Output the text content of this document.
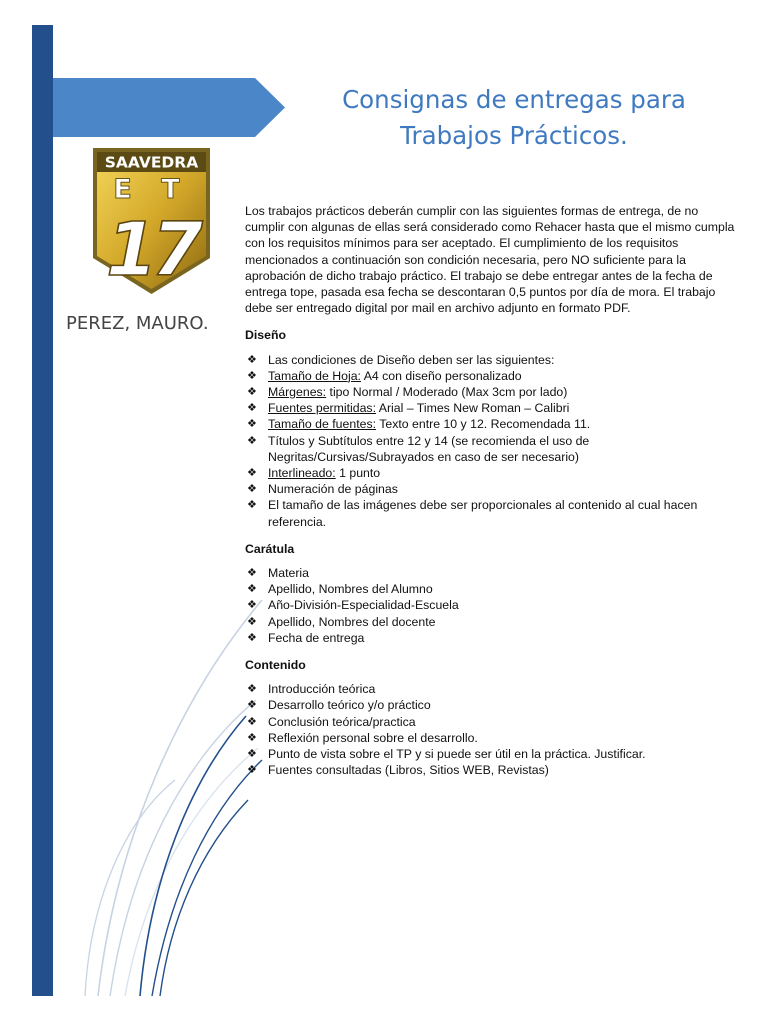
Consignas de entregas para
Trabajos Prácticos.
SAAVEDRA
E T
17
PEREZ, MAURO.

Los trabajos prácticos deberán cumplir con las siguientes formas de entrega, de no cumplir con algunas de ellas será considerado como Rehacer hasta que el mismo cumpla con los requisitos mínimos para ser aceptado. El cumplimiento de los requisitos mencionados a continuación son condición necesaria, pero NO suficiente para la aprobación de dicho trabajo práctico. El trabajo se debe entregar antes de la fecha de entrega tope, pasada esa fecha se descontaran 0,5 puntos por día de mora. El trabajo debe ser entregado digital por mail en archivo adjunto en formato PDF.

Diseño
❖ Las condiciones de Diseño deben ser las siguientes:
❖ Tamaño de Hoja: A4 con diseño personalizado
❖ Márgenes: tipo Normal / Moderado (Max 3cm por lado)
❖ Fuentes permitidas: Arial – Times New Roman – Calibri
❖ Tamaño de fuentes: Texto entre 10 y 12. Recomendada 11.
❖ Títulos y Subtítulos entre 12 y 14 (se recomienda el uso de Negritas/Cursivas/Subrayados en caso de ser necesario)
❖ Interlineado: 1 punto
❖ Numeración de páginas
❖ El tamaño de las imágenes debe ser proporcionales al contenido al cual hacen referencia.
Carátula
❖ Materia
❖ Apellido, Nombres del Alumno
❖ Año-División-Especialidad-Escuela
❖ Apellido, Nombres del docente
❖ Fecha de entrega
Contenido
❖ Introducción teórica
❖ Desarrollo teórico y/o práctico
❖ Conclusión teórica/practica
❖ Reflexión personal sobre el desarrollo.
❖ Punto de vista sobre el TP y si puede ser útil en la práctica. Justificar.
❖ Fuentes consultadas (Libros, Sitios WEB, Revistas)
